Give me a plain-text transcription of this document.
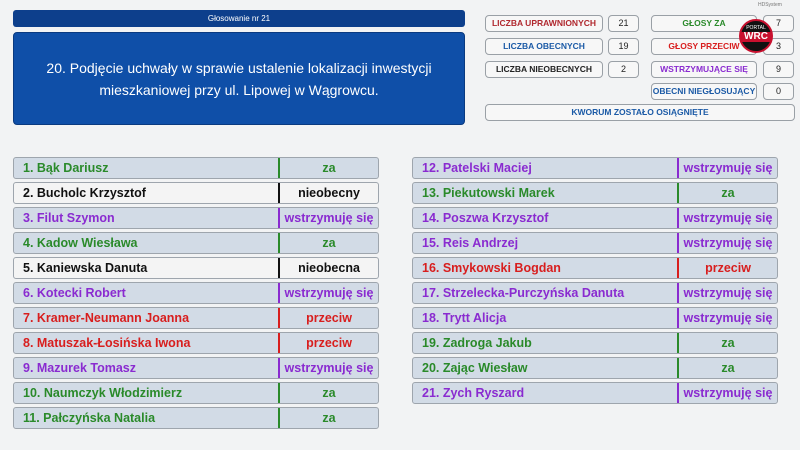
HDSystem
Głosowanie nr 21
20. Podjęcie uchwały w sprawie ustalenie lokalizacji inwestycji mieszkaniowej przy ul. Lipowej w Wągrowcu.
LICZBA UPRAWNIONYCH	21
LICZBA OBECNYCH	19
LICZBA NIEOBECNYCH	2
GŁOSY ZA	7
GŁOSY PRZECIW	3
WSTRZYMUJĄCE SIĘ	9
OBECNI NIEGŁOSUJĄCY	0
KWORUM ZOSTAŁO OSIĄGNIĘTE
PORTAL
WRC
1. Bąk Dariusz	za
2. Bucholc Krzysztof	nieobecny
3. Filut Szymon	wstrzymuję się
4. Kadow Wiesława	za
5. Kaniewska Danuta	nieobecna
6. Kotecki Robert	wstrzymuję się
7. Kramer-Neumann Joanna	przeciw
8. Matuszak-Łosińska Iwona	przeciw
9. Mazurek Tomasz	wstrzymuję się
10. Naumczyk Włodzimierz	za
11. Pałczyńska Natalia	za
12. Patelski Maciej	wstrzymuję się
13. Piekutowski Marek	za
14. Poszwa Krzysztof	wstrzymuję się
15. Reis Andrzej	wstrzymuję się
16. Smykowski Bogdan	przeciw
17. Strzelecka-Purczyńska Danuta	wstrzymuję się
18. Trytt Alicja	wstrzymuję się
19. Zadroga Jakub	za
20. Zając Wiesław	za
21. Zych Ryszard	wstrzymuję się
